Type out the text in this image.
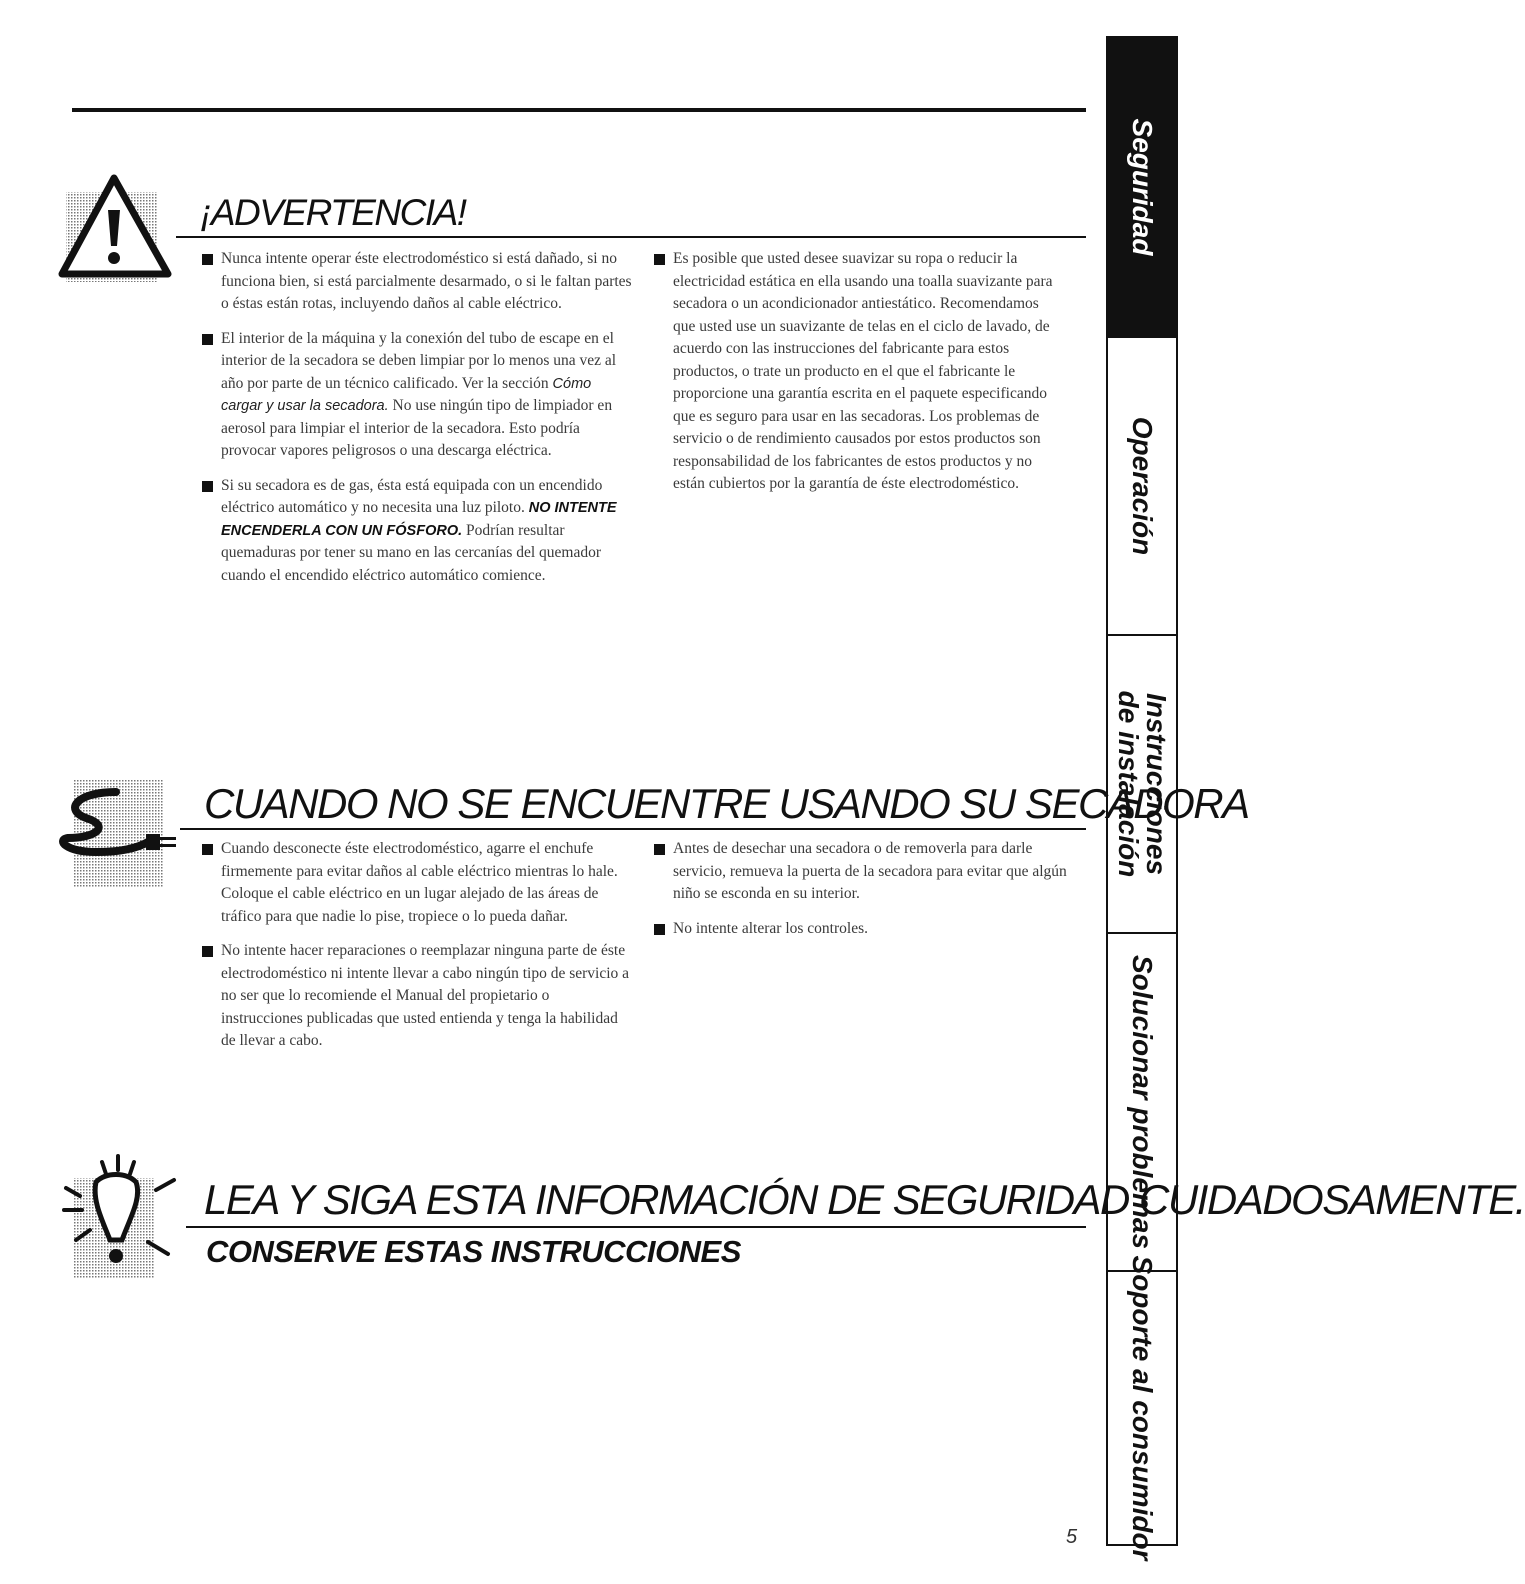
Seguridad
Operación
Instrucciones
de instalación
Solucionar problemas
Soporte al consumidor
¡ADVERTENCIA!
Nunca intente operar éste electrodoméstico si está dañado, si no funciona bien, si está parcialmente desarmado, o si le faltan partes o éstas están rotas, incluyendo daños al cable eléctrico.
El interior de la máquina y la conexión del tubo de escape en el interior de la secadora se deben limpiar por lo menos una vez al año por parte de un técnico calificado. Ver la sección Cómo cargar y usar la secadora. No use ningún tipo de limpiador en aerosol para limpiar el interior de la secadora. Esto podría provocar vapores peligrosos o una descarga eléctrica.
Si su secadora es de gas, ésta está equipada con un encendido eléctrico automático y no necesita una luz piloto. NO INTENTE ENCENDERLA CON UN FÓSFORO. Podrían resultar quemaduras por tener su mano en las cercanías del quemador cuando el encendido eléctrico automático comience.
Es posible que usted desee suavizar su ropa o reducir la electricidad estática en ella usando una toalla suavizante para secadora o un acondicionador antiestático. Recomendamos que usted use un suavizante de telas en el ciclo de lavado, de acuerdo con las instrucciones del fabricante para estos productos, o trate un producto en el que el fabricante le proporcione una garantía escrita en el paquete especificando que es seguro para usar en las secadoras. Los problemas de servicio o de rendimiento causados por estos productos son responsabilidad de los fabricantes de estos productos y no están cubiertos por la garantía de éste electrodoméstico.
CUANDO NO SE ENCUENTRE USANDO SU SECADORA
Cuando desconecte éste electrodoméstico, agarre el enchufe firmemente para evitar daños al cable eléctrico mientras lo hale. Coloque el cable eléctrico en un lugar alejado de las áreas de tráfico para que nadie lo pise, tropiece o lo pueda dañar.
No intente hacer reparaciones o reemplazar ninguna parte de éste electrodoméstico ni intente llevar a cabo ningún tipo de servicio a no ser que lo recomiende el Manual del propietario o instrucciones publicadas que usted entienda y tenga la habilidad de llevar a cabo.
Antes de desechar una secadora o de removerla para darle servicio, remueva la puerta de la secadora para evitar que algún niño se esconda en su interior.
No intente alterar los controles.
LEA Y SIGA ESTA INFORMACIÓN DE SEGURIDAD CUIDADOSAMENTE.
CONSERVE ESTAS INSTRUCCIONES
5
